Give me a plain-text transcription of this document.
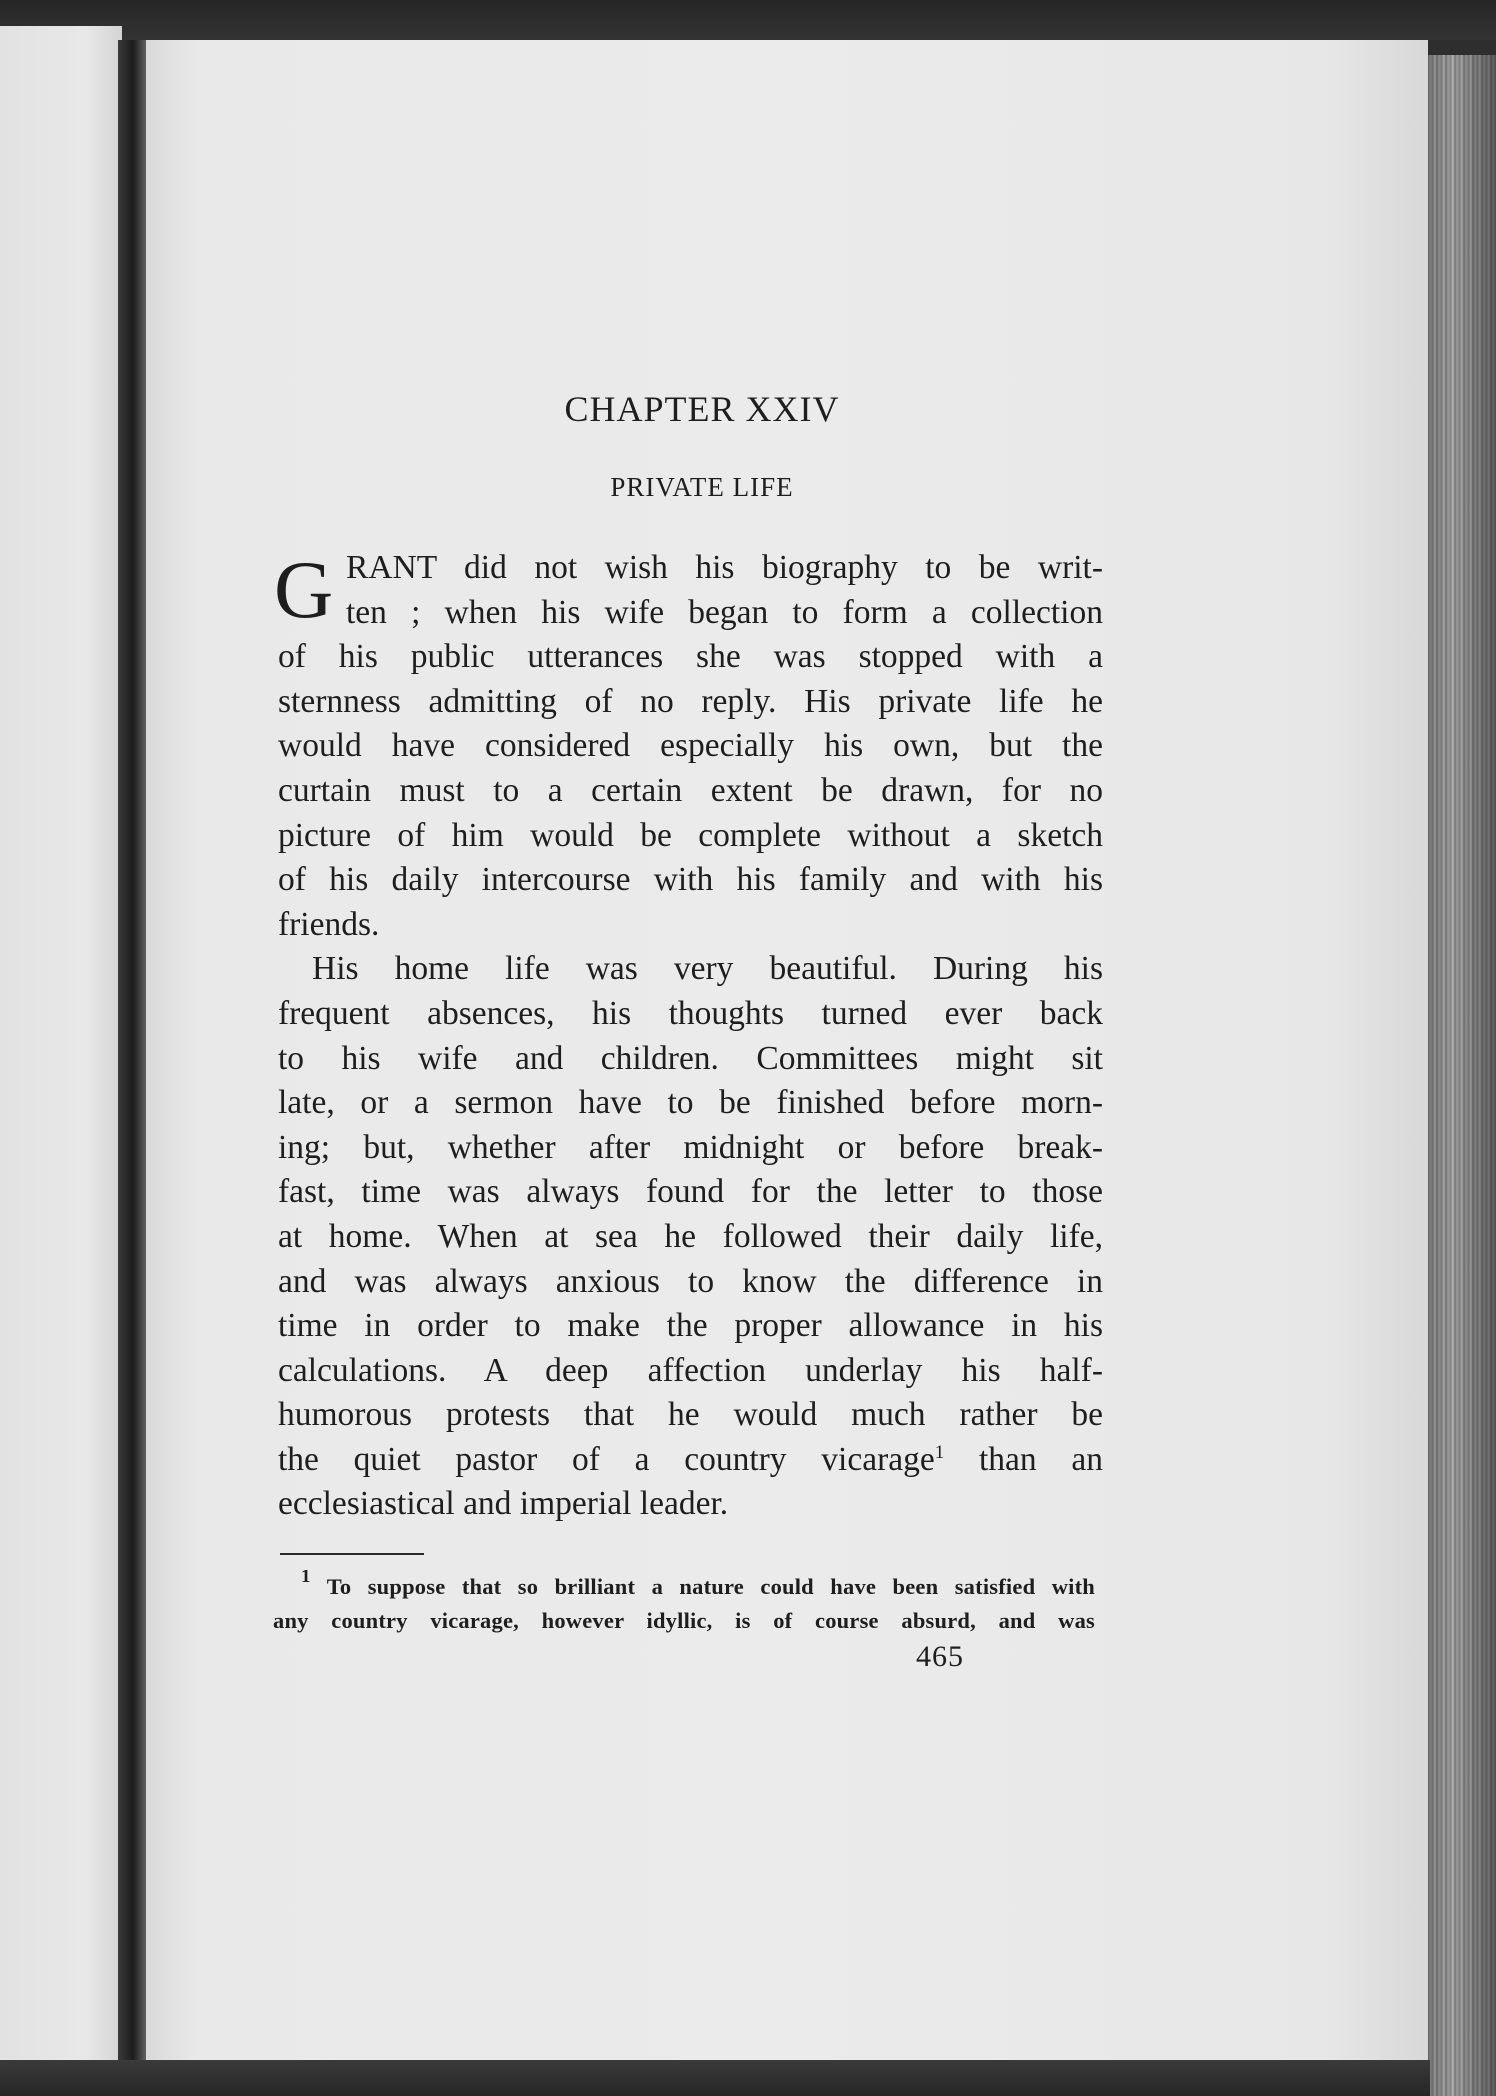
CHAPTER XXIV
PRIVATE LIFE
G RANT did not wish his biography to be writ-
ten ; when his wife began to form a collection
of his public utterances she was stopped with a
sternness admitting of no reply. His private life he
would have considered especially his own, but the
curtain must to a certain extent be drawn, for no
picture of him would be complete without a sketch
of his daily intercourse with his family and with his
friends.
His home life was very beautiful. During his
frequent absences, his thoughts turned ever back
to his wife and children. Committees might sit
late, or a sermon have to be finished before morn-
ing; but, whether after midnight or before break-
fast, time was always found for the letter to those
at home. When at sea he followed their daily life,
and was always anxious to know the difference in
time in order to make the proper allowance in his
calculations. A deep affection underlay his half-
humorous protests that he would much rather be
the quiet pastor of a country vicarage$^1$ than an
ecclesiastical and imperial leader.
$^1$ To suppose that so brilliant a nature could have been satisfied with
any country vicarage, however idyllic, is of course absurd, and was
465
